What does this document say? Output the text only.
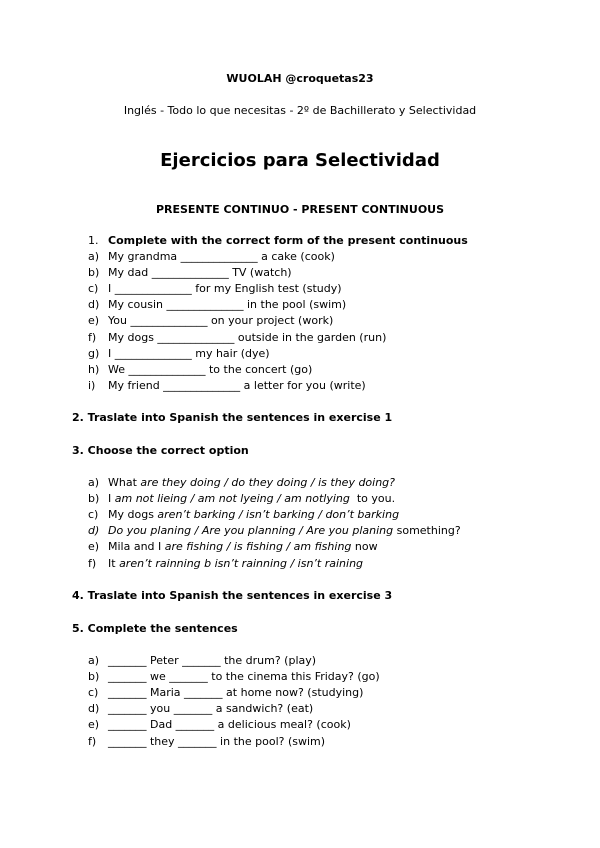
WUOLAH @croquetas23
Inglés - Todo lo que necesitas - 2º de Bachillerato y Selectividad
Ejercicios para Selectividad
PRESENTE CONTINUO - PRESENT CONTINUOUS
1. Complete with the correct form of the present continuous
a) My grandma ______________ a cake (cook)
b) My dad ______________ TV (watch)
c) I ______________ for my English test (study)
d) My cousin ______________ in the pool (swim)
e) You ______________ on your project (work)
f) My dogs ______________ outside in the garden (run)
g) I ______________ my hair (dye)
h) We ______________ to the concert (go)
i) My friend ______________ a letter for you (write)
2. Traslate into Spanish the sentences in exercise 1
3. Choose the correct option
a) What are they doing / do they doing / is they doing?
b) I am not lieing / am not lyeing / am notlying  to you.
c) My dogs aren’t barking / isn’t barking / don’t barking
d) Do you planing / Are you planning / Are you planing something?
e) Mila and I are fishing / is fishing / am fishing now
f) It aren’t rainning b isn’t rainning / isn’t raining
4. Traslate into Spanish the sentences in exercise 3
5. Complete the sentences
a) _______ Peter _______ the drum? (play)
b) _______ we _______ to the cinema this Friday? (go)
c) _______ Maria _______ at home now? (studying)
d) _______ you _______ a sandwich? (eat)
e) _______ Dad _______ a delicious meal? (cook)
f) _______ they _______ in the pool? (swim)
